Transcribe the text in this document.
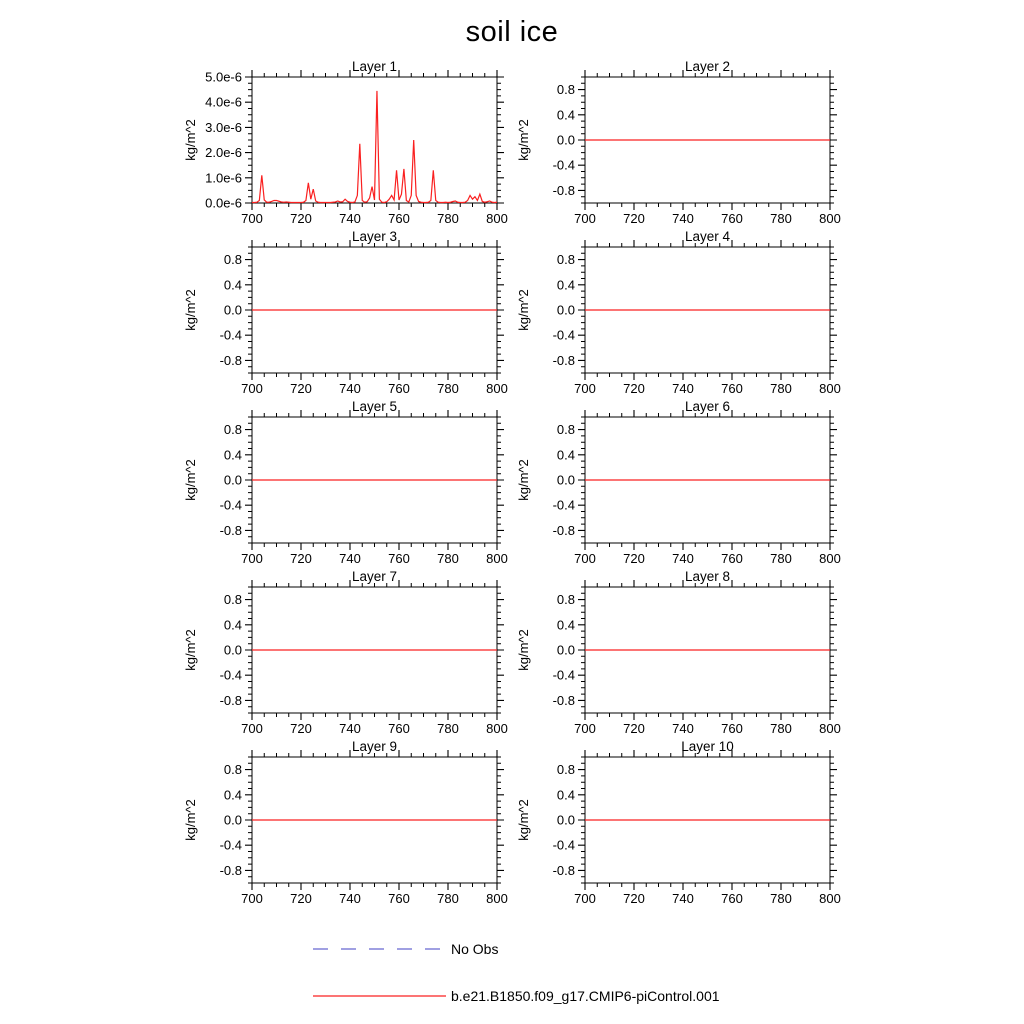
soil ice
700 720 740 760 780 800
0.0e-6
1.0e-6
2.0e-6
3.0e-6
4.0e-6
5.0e-6
Layer 1
kg/m^2
700 720 740 760 780 800
-0.8
-0.4
0.0
0.4
0.8
Layer 2
kg/m^2
700 720 740 760 780 800
-0.8
-0.4
0.0
0.4
0.8
Layer 3
kg/m^2
700 720 740 760 780 800
-0.8
-0.4
0.0
0.4
0.8
Layer 4
kg/m^2
700 720 740 760 780 800
-0.8
-0.4
0.0
0.4
0.8
Layer 5
kg/m^2
700 720 740 760 780 800
-0.8
-0.4
0.0
0.4
0.8
Layer 6
kg/m^2
700 720 740 760 780 800
-0.8
-0.4
0.0
0.4
0.8
Layer 7
kg/m^2
700 720 740 760 780 800
-0.8
-0.4
0.0
0.4
0.8
Layer 8
kg/m^2
700 720 740 760 780 800
-0.8
-0.4
0.0
0.4
0.8
Layer 9
kg/m^2
700 720 740 760 780 800
-0.8
-0.4
0.0
0.4
0.8
Layer 10
kg/m^2
No Obs
b.e21.B1850.f09_g17.CMIP6-piControl.001
